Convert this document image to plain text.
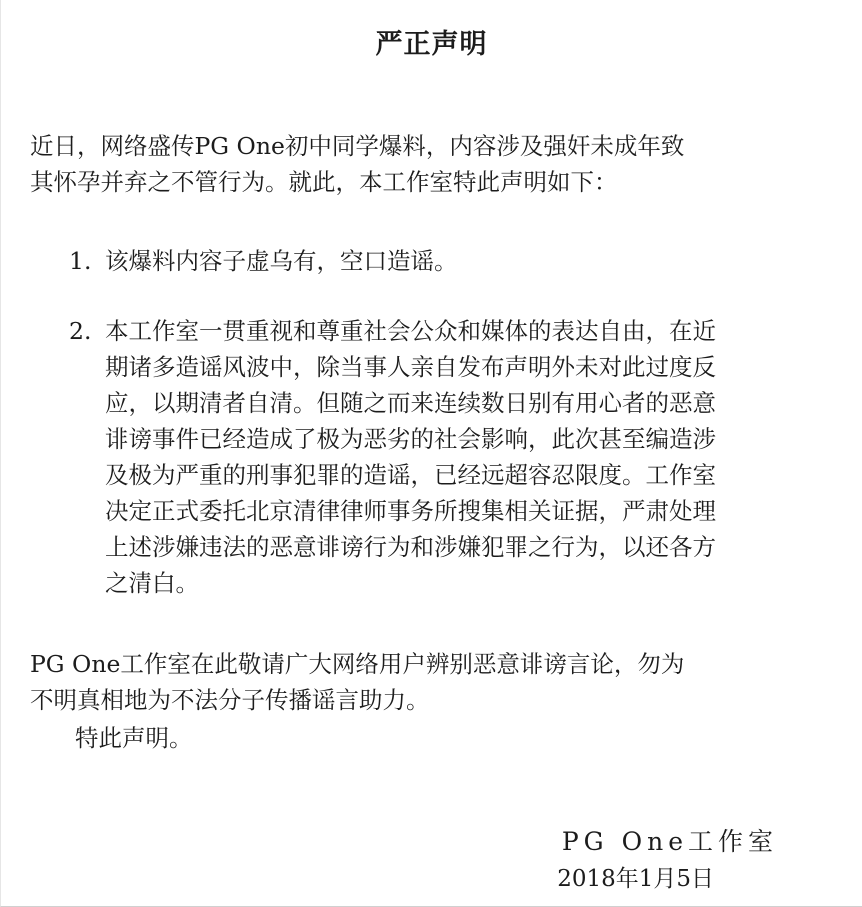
严正声明

近日，网络盛传PG One初中同学爆料，内容涉及强奸未成年致
其怀孕并弃之不管行为。就此，本工作室特此声明如下：

1. 该爆料内容子虚乌有，空口造谣。
2. 本工作室一贯重视和尊重社会公众和媒体的表达自由，在近
期诸多造谣风波中，除当事人亲自发布声明外未对此过度反
应，以期清者自清。但随之而来连续数日别有用心者的恶意
诽谤事件已经造成了极为恶劣的社会影响，此次甚至编造涉
及极为严重的刑事犯罪的造谣，已经远超容忍限度。工作室
决定正式委托北京清律律师事务所搜集相关证据，严肃处理
上述涉嫌违法的恶意诽谤行为和涉嫌犯罪之行为，以还各方
之清白。

PG One工作室在此敬请广大网络用户辨别恶意诽谤言论，勿为
不明真相地为不法分子传播谣言助力。

特此声明。

PG One工作室

2018年1月5日
